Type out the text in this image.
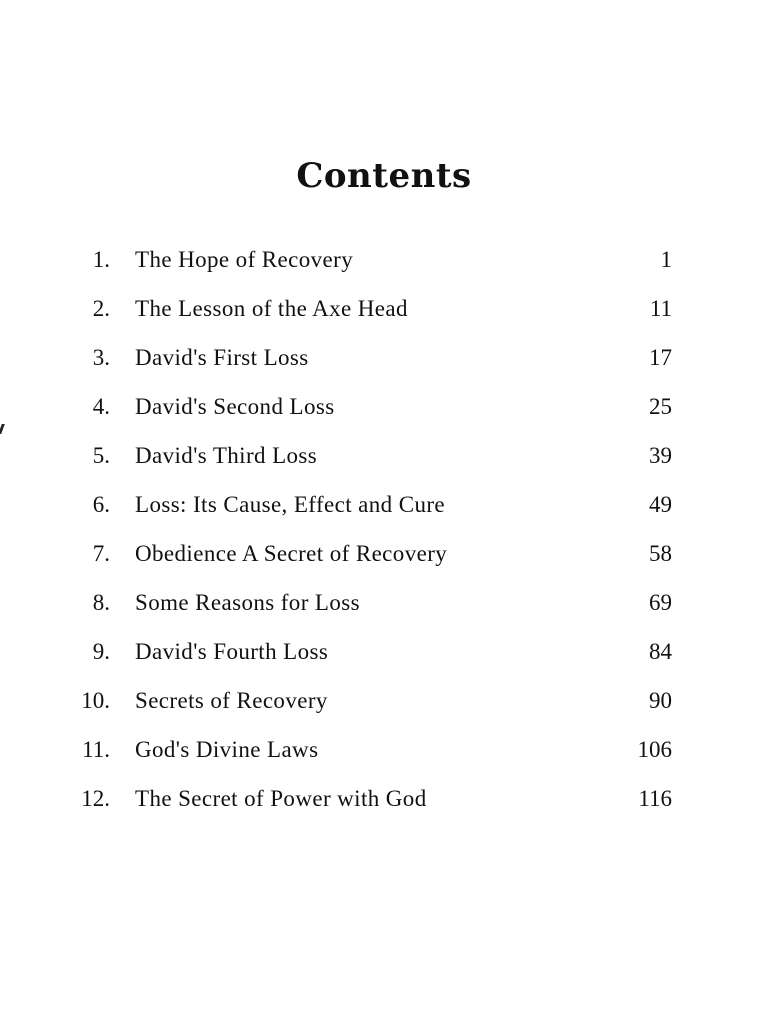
Contents
1. The Hope of Recovery	1
2. The Lesson of the Axe Head	11
3. David's First Loss	17
4. David's Second Loss	25
5. David's Third Loss	39
6. Loss: Its Cause, Effect and Cure	49
7. Obedience A Secret of Recovery	58
8. Some Reasons for Loss	69
9. David's Fourth Loss	84
10. Secrets of Recovery	90
11. God's Divine Laws	106
12. The Secret of Power with God	116
